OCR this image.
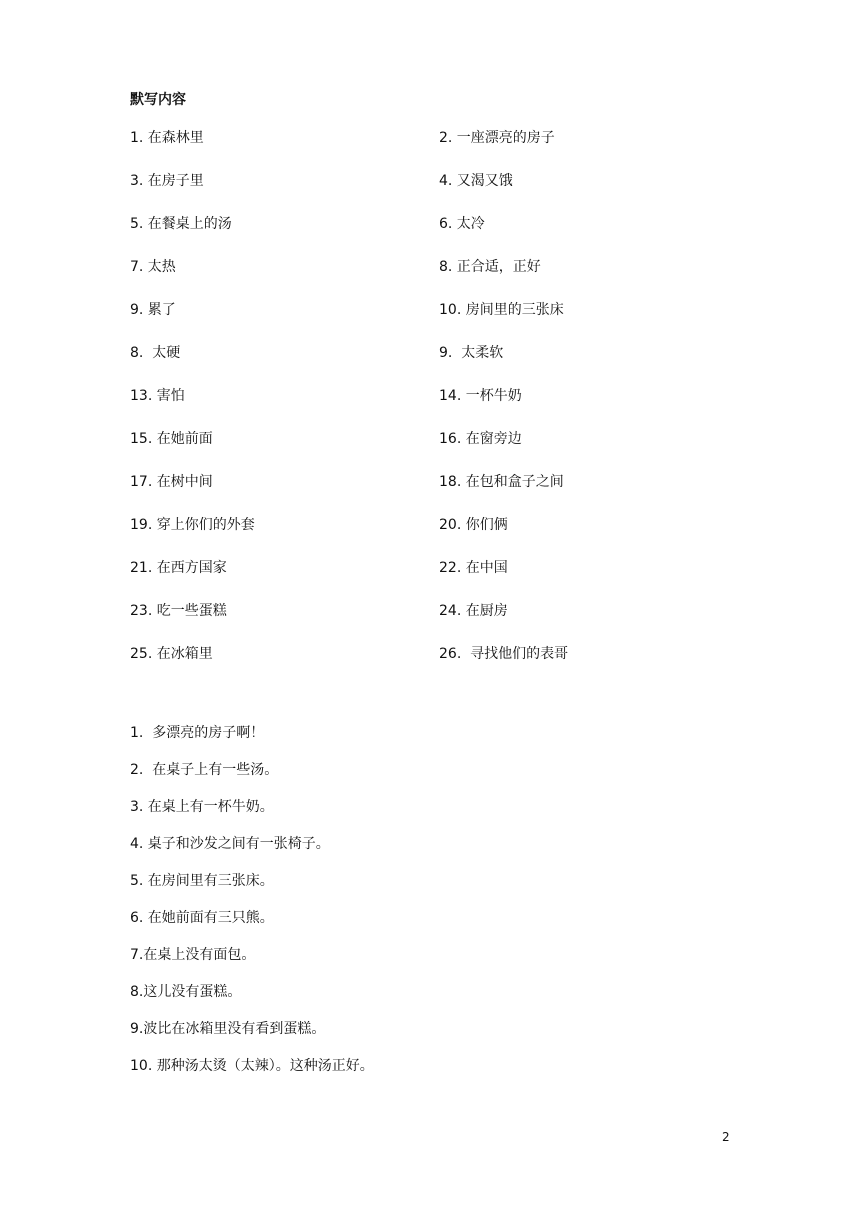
默写内容
1. 在森林里	2. 一座漂亮的房子
3. 在房子里	4. 又渴又饿
5. 在餐桌上的汤	6. 太冷
7. 太热	8. 正合适，正好
9. 累了	10. 房间里的三张床
8.  太硬	9.  太柔软
13. 害怕	14. 一杯牛奶
15. 在她前面	16. 在窗旁边
17. 在树中间	18. 在包和盒子之间
19. 穿上你们的外套	20. 你们俩
21. 在西方国家	22. 在中国
23. 吃一些蛋糕	24. 在厨房
25. 在冰箱里	26.  寻找他们的表哥
1.  多漂亮的房子啊！
2.  在桌子上有一些汤。
3. 在桌上有一杯牛奶。
4. 桌子和沙发之间有一张椅子。
5. 在房间里有三张床。
6. 在她前面有三只熊。
7.在桌上没有面包。
8.这儿没有蛋糕。
9.波比在冰箱里没有看到蛋糕。
10. 那种汤太烫（太辣）。这种汤正好。
2
